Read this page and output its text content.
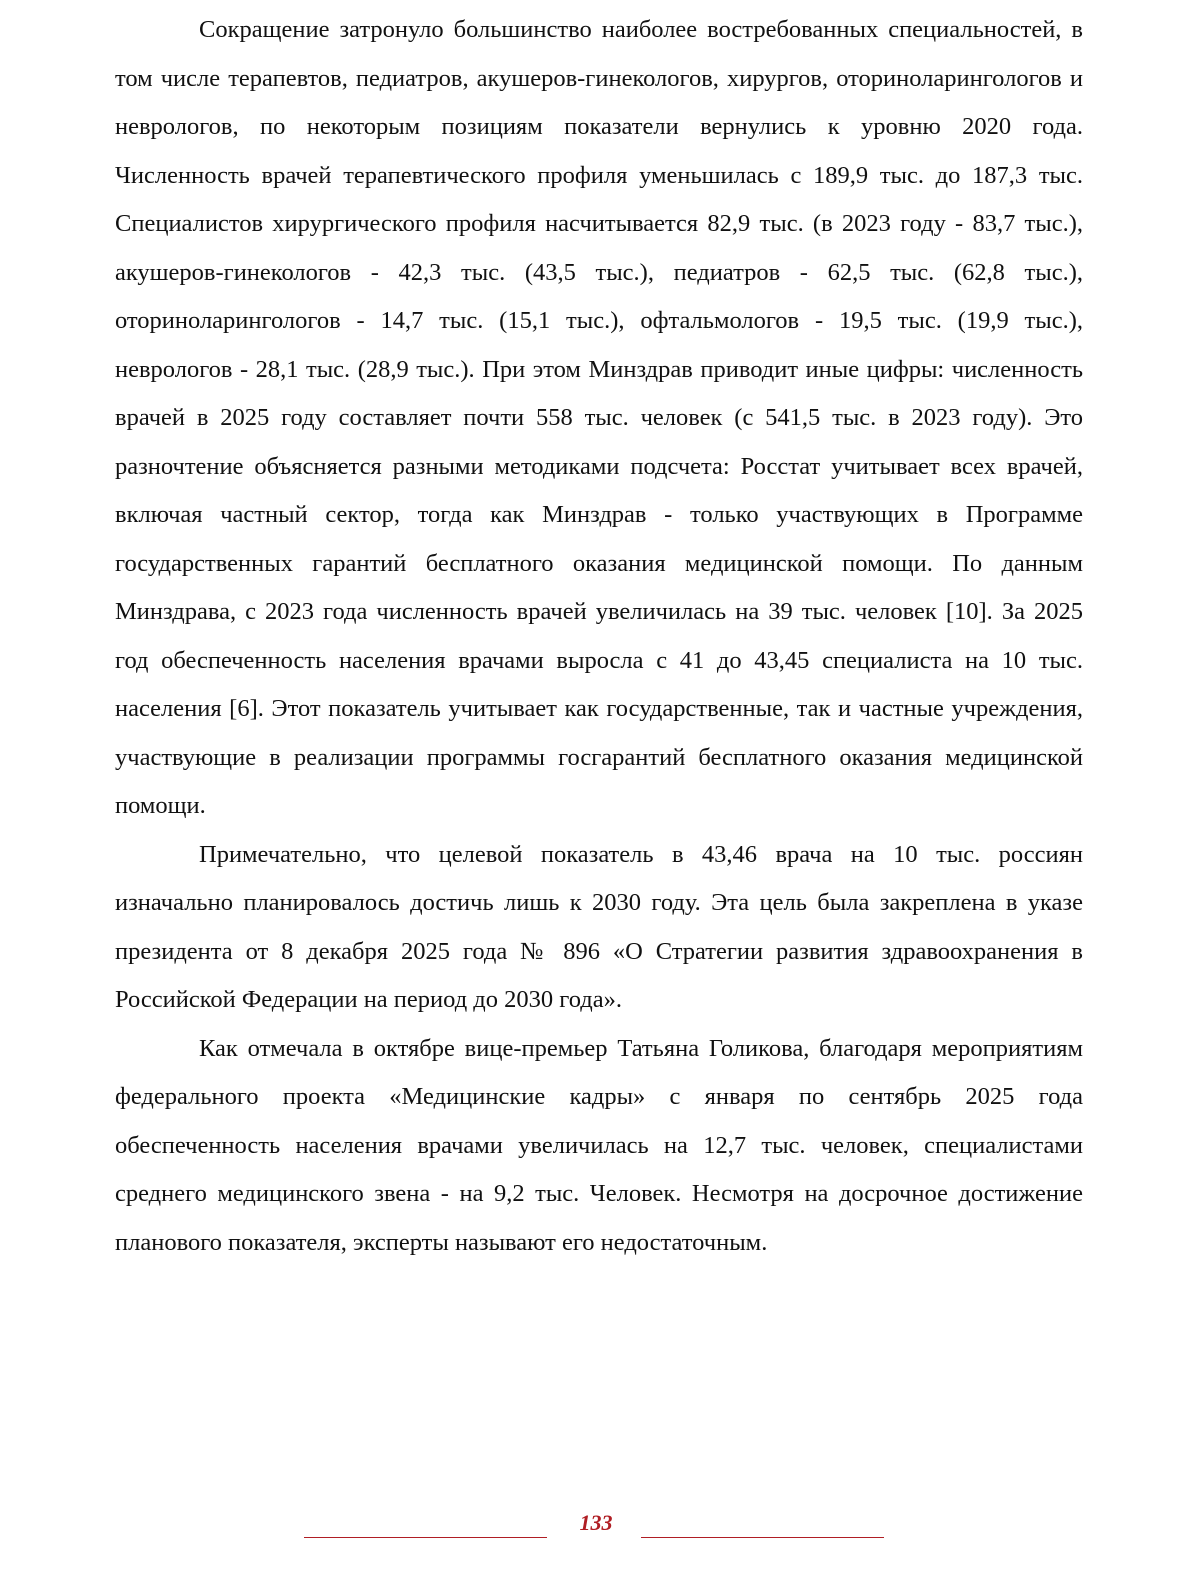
Сокращение затронуло большинство наиболее востребованных специальностей, в том числе терапевтов, педиатров, акушеров-гинекологов, хирургов, оториноларингологов и неврологов, по некоторым позициям показатели вернулись к уровню 2020 года. Численность врачей терапевтического профиля уменьшилась с 189,9 тыс. до 187,3 тыс. Специалистов хирургического профиля насчитывается 82,9 тыс. (в 2023 году - 83,7 тыс.), акушеров-гинекологов - 42,3 тыс. (43,5 тыс.), педиатров - 62,5 тыс. (62,8 тыс.), оториноларингологов - 14,7 тыс. (15,1 тыс.), офтальмологов - 19,5 тыс. (19,9 тыс.), неврологов - 28,1 тыс. (28,9 тыс.). При этом Минздрав приводит иные цифры: численность врачей в 2025 году составляет почти 558 тыс. человек (с 541,5 тыс. в 2023 году). Это разночтение объясняется разными методиками подсчета: Росстат учитывает всех врачей, включая частный сектор, тогда как Минздрав - только участвующих в Программе государственных гарантий бесплатного оказания медицинской помощи. По данным Минздрава, с 2023 года численность врачей увеличилась на 39 тыс. человек [10]. За 2025 год обеспеченность населения врачами выросла с 41 до 43,45 специалиста на 10 тыс. населения [6]. Этот показатель учитывает как государственные, так и частные учреждения, участвующие в реализации программы госгарантий бесплатного оказания медицинской помощи.

Примечательно, что целевой показатель в 43,46 врача на 10 тыс. россиян изначально планировалось достичь лишь к 2030 году. Эта цель была закреплена в указе президента от 8 декабря 2025 года № 896 «О Стратегии развития здравоохранения в Российской Федерации на период до 2030 года».

Как отмечала в октябре вице-премьер Татьяна Голикова, благодаря мероприятиям федерального проекта «Медицинские кадры» с января по сентябрь 2025 года обеспеченность населения врачами увеличилась на 12,7 тыс. человек, специалистами среднего медицинского звена - на 9,2 тыс. Человек. Несмотря на досрочное достижение планового показателя, эксперты называют его недостаточным.

133
